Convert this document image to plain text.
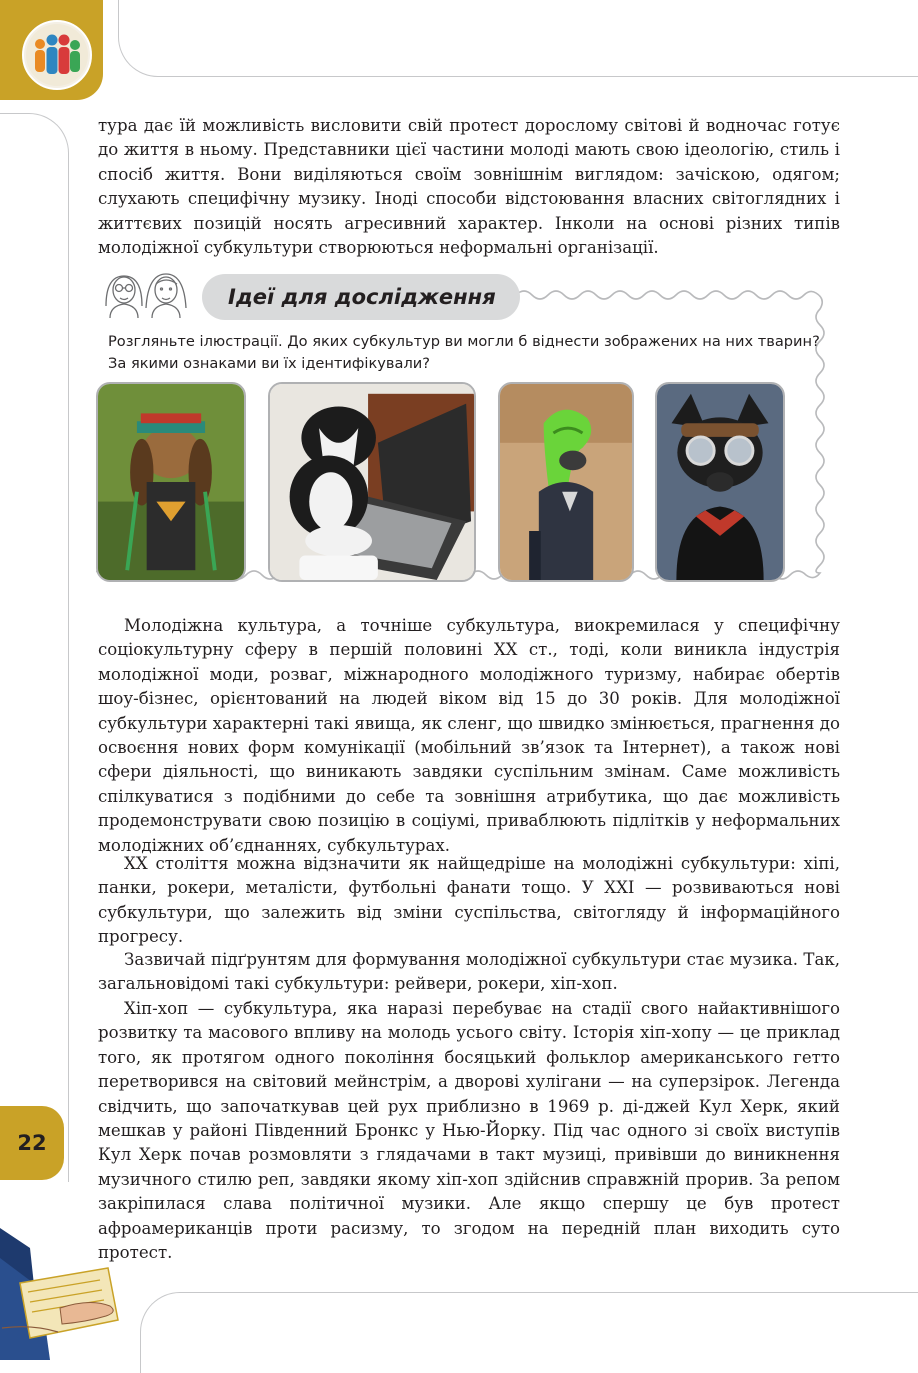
22

тура дає їй можливість висловити свій протест дорослому світові й водночас готує до життя в ньому. Представники цієї частини молоді мають свою ідеологію, стиль і спосіб життя. Вони виділяються своїм зовнішнім виглядом: зачіскою, одягом; слухають специфічну музику. Іноді способи відстоювання власних світоглядних і життєвих позицій носять агресивний характер. Інколи на основі різних типів молодіжної субкультури створюються неформальні організації.

Ідеї для дослідження

Розгляньте ілюстрації. До яких субкультур ви могли б віднести зображених на них тварин? За якими ознаками ви їх ідентифікували?

Молодіжна культура, а точніше субкультура, виокремилася у специфічну соціокультурну сферу в першій половині XX ст., тоді, коли виникла індустрія молодіжної моди, розваг, міжнародного молодіжного туризму, набирає обертів шоу-бізнес, орієнтований на людей віком від 15 до 30 років. Для молодіжної субкультури характерні такі явища, як сленг, що швидко змінюється, прагнення до освоєння нових форм комунікації (мобільний зв’язок та Інтернет), а також нові сфери діяльності, що виникають завдяки суспільним змінам. Саме можливість спілкуватися з подібними до себе та зовнішня атрибутика, що дає можливість продемонструвати свою позицію в соціумі, приваблюють підлітків у неформальних молодіжних об’єднаннях, субкультурах.

XX століття можна відзначити як найщедріше на молодіжні субкультури: хіпі, панки, рокери, металісти, футбольні фанати тощо. У XXI — розвиваються нові субкультури, що залежить від зміни суспільства, світогляду й інформаційного прогресу.

Зазвичай підґрунтям для формування молодіжної субкультури стає музика. Так, загальновідомі такі субкультури: рейвери, рокери, хіп-хоп.

Хіп-хоп — субкультура, яка наразі перебуває на стадії свого найактивнішого розвитку та масового впливу на молодь усього світу. Історія хіп-хопу — це приклад того, як протягом одного покоління босяцький фольклор американського гетто перетворився на світовий мейнстрім, а дворові хулігани — на суперзірок. Легенда свідчить, що започаткував цей рух приблизно в 1969 р. ді-джей Кул Херк, який мешкав у районі Південний Бронкс у Нью-Йорку. Під час одного зі своїх виступів Кул Херк почав розмовляти з глядачами в такт музиці, привівши до виникнення музичного стилю реп, завдяки якому хіп-хоп здійснив справжній прорив. За репом закріпилася слава політичної музики. Але якщо спершу це був протест афроамериканців проти расизму, то згодом на передній план виходить суто протест.
